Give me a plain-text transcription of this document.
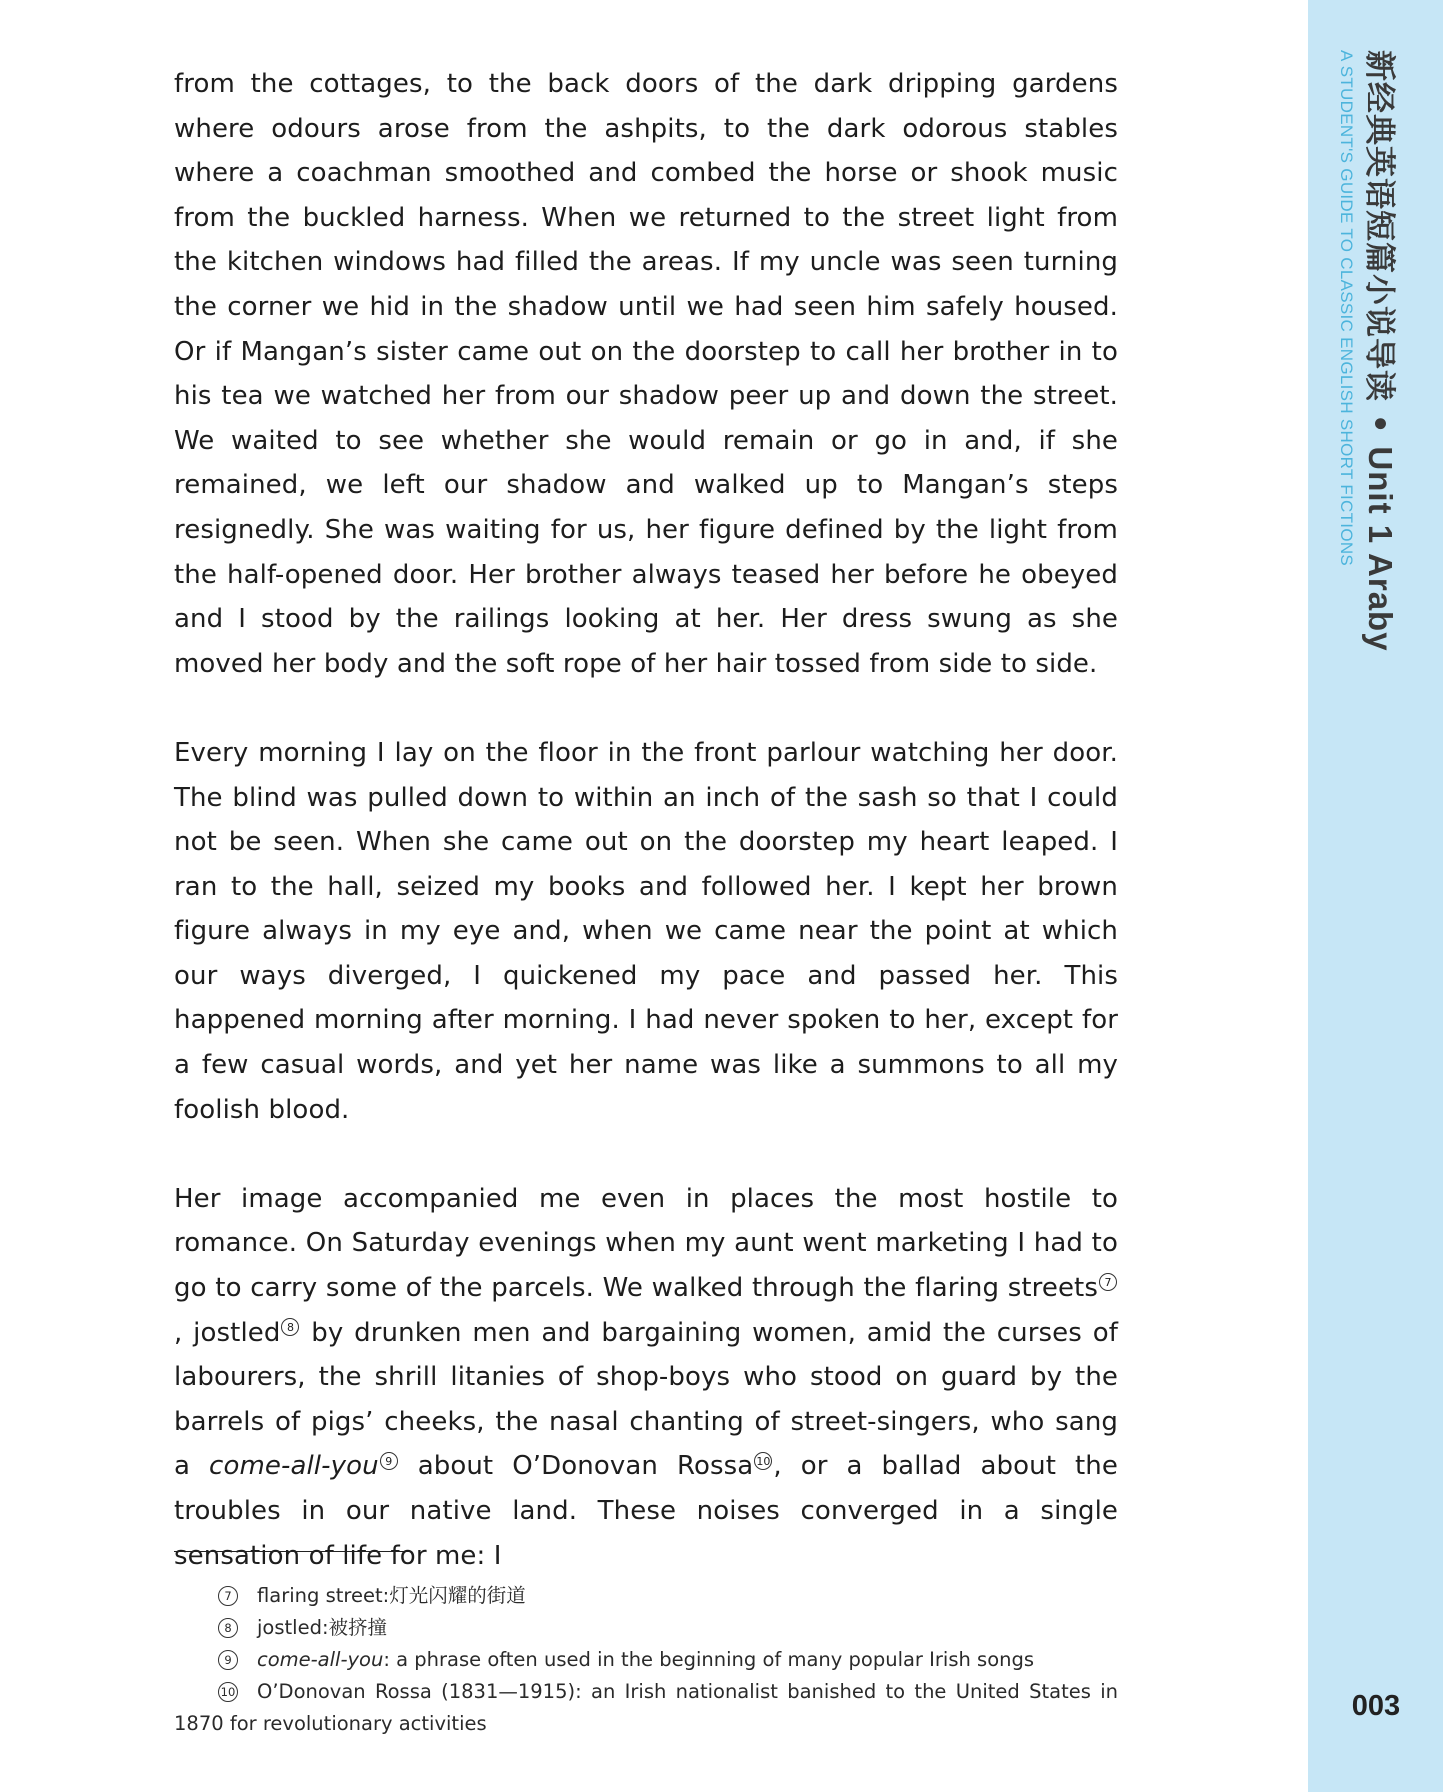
from the cottages, to the back doors of the dark dripping gardens where odours arose from the ashpits, to the dark odorous stables where a coachman smoothed and combed the horse or shook music from the buckled harness. When we returned to the street light from the kitchen windows had filled the areas. If my uncle was seen turning the corner we hid in the shadow until we had seen him safely housed. Or if Mangan’s sister came out on the doorstep to call her brother in to his tea we watched her from our shadow peer up and down the street. We waited to see whether she would remain or go in and, if she remained, we left our shadow and walked up to Mangan’s steps resignedly. She was waiting for us, her figure defined by the light from the half-opened door. Her brother always teased her before he obeyed and I stood by the railings looking at her. Her dress swung as she moved her body and the soft rope of her hair tossed from side to side.

Every morning I lay on the floor in the front parlour watching her door. The blind was pulled down to within an inch of the sash so that I could not be seen. When she came out on the doorstep my heart leaped. I ran to the hall, seized my books and followed her. I kept her brown figure always in my eye and, when we came near the point at which our ways diverged, I quickened my pace and passed her. This happened morning after morning. I had never spoken to her, except for a few casual words, and yet her name was like a summons to all my foolish blood.

Her image accompanied me even in places the most hostile to romance. On Saturday evenings when my aunt went marketing I had to go to carry some of the parcels. We walked through the flaring streets 7, jostled 8 by drunken men and bargaining women, amid the curses of labourers, the shrill litanies of shop-boys who stood on guard by the barrels of pigs’ cheeks, the nasal chanting of street-singers, who sang a come-all-you 9 about O’Donovan Rossa 10 , or a ballad about the troubles in our native land. These noises converged in a single sensation of life for me: I

7	flaring street:灯光闪耀的街道
8	jostled:被挤撞
9	come-all-you: a phrase often used in the beginning of many popular Irish songs
10 O’Donovan Rossa (1831—1915): an Irish nationalist banished to the United States in 1870 for revolutionary activities
新经典英语短篇小说导读 • Unit 1 Araby
A STUDENT'S GUIDE TO CLASSIC ENGLISH SHORT FICTIONS
003
